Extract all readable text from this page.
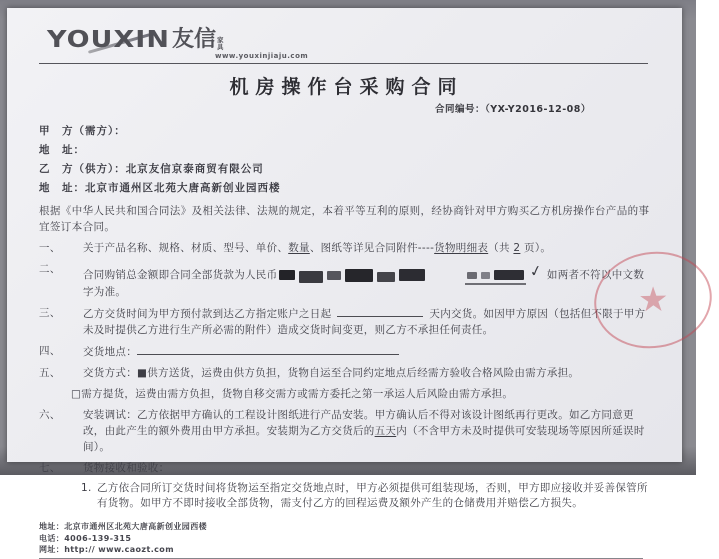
YOUXIN 友信 家
具
www.youxinjiaju.com
机房操作台采购合同
合同编号：（YX-Y2016-12-08）
甲　方（需方）：
地　址：
乙　方（供方）：北京友信京泰商贸有限公司
地　址：北京市通州区北苑大唐高新创业园西楼
根据《中华人民共和国合同法》及相关法律、法规的规定，本着平等互利的原则，经协商针对甲方购买乙方机房操作台产品的事宜签订本合同。
一、	关于产品名称、规格、材质、型号、单价、数量、图纸等详见合同附件----货物明细表（共 2 页）。
二、	合同购销总金额即合同全部货款为人民币	✓ 如两者不符以中文数字为准。
三、	乙方交货时间为甲方预付款到达乙方指定账户之日起	天内交货。如因甲方原因（包括但不限于甲方未及时提供乙方进行生产所必需的附件）造成交货时间变更，则乙方不承担任何责任。
四、	交货地点：
五、	交货方式：■供方送货，运费由供方负担，货物自运至合同约定地点后经需方验收合格风险由需方承担。
□需方提货，运费由需方负担，货物自移交需方或需方委托之第一承运人后风险由需方承担。
六、	安装调试：乙方依据甲方确认的工程设计图纸进行产品安装。甲方确认后不得对该设计图纸再行更改。如乙方同意更改，由此产生的额外费用由甲方承担。安装期为乙方交货后的五天内（不含甲方未及时提供可安装现场等原因所延误时间）。
七、	货物接收和验收：
1. 乙方依合同所订交货时间将货物运至指定交货地点时，甲方必须提供可组装现场，否则，甲方即应接收并妥善保管所有货物。如甲方不即时接收全部货物，需支付乙方的回程运费及额外产生的仓储费用并赔偿乙方损失。
★
地址：北京市通州区北苑大唐高新创业园西楼
电话：4006-139-315
网址：http:// www.caozt.com
